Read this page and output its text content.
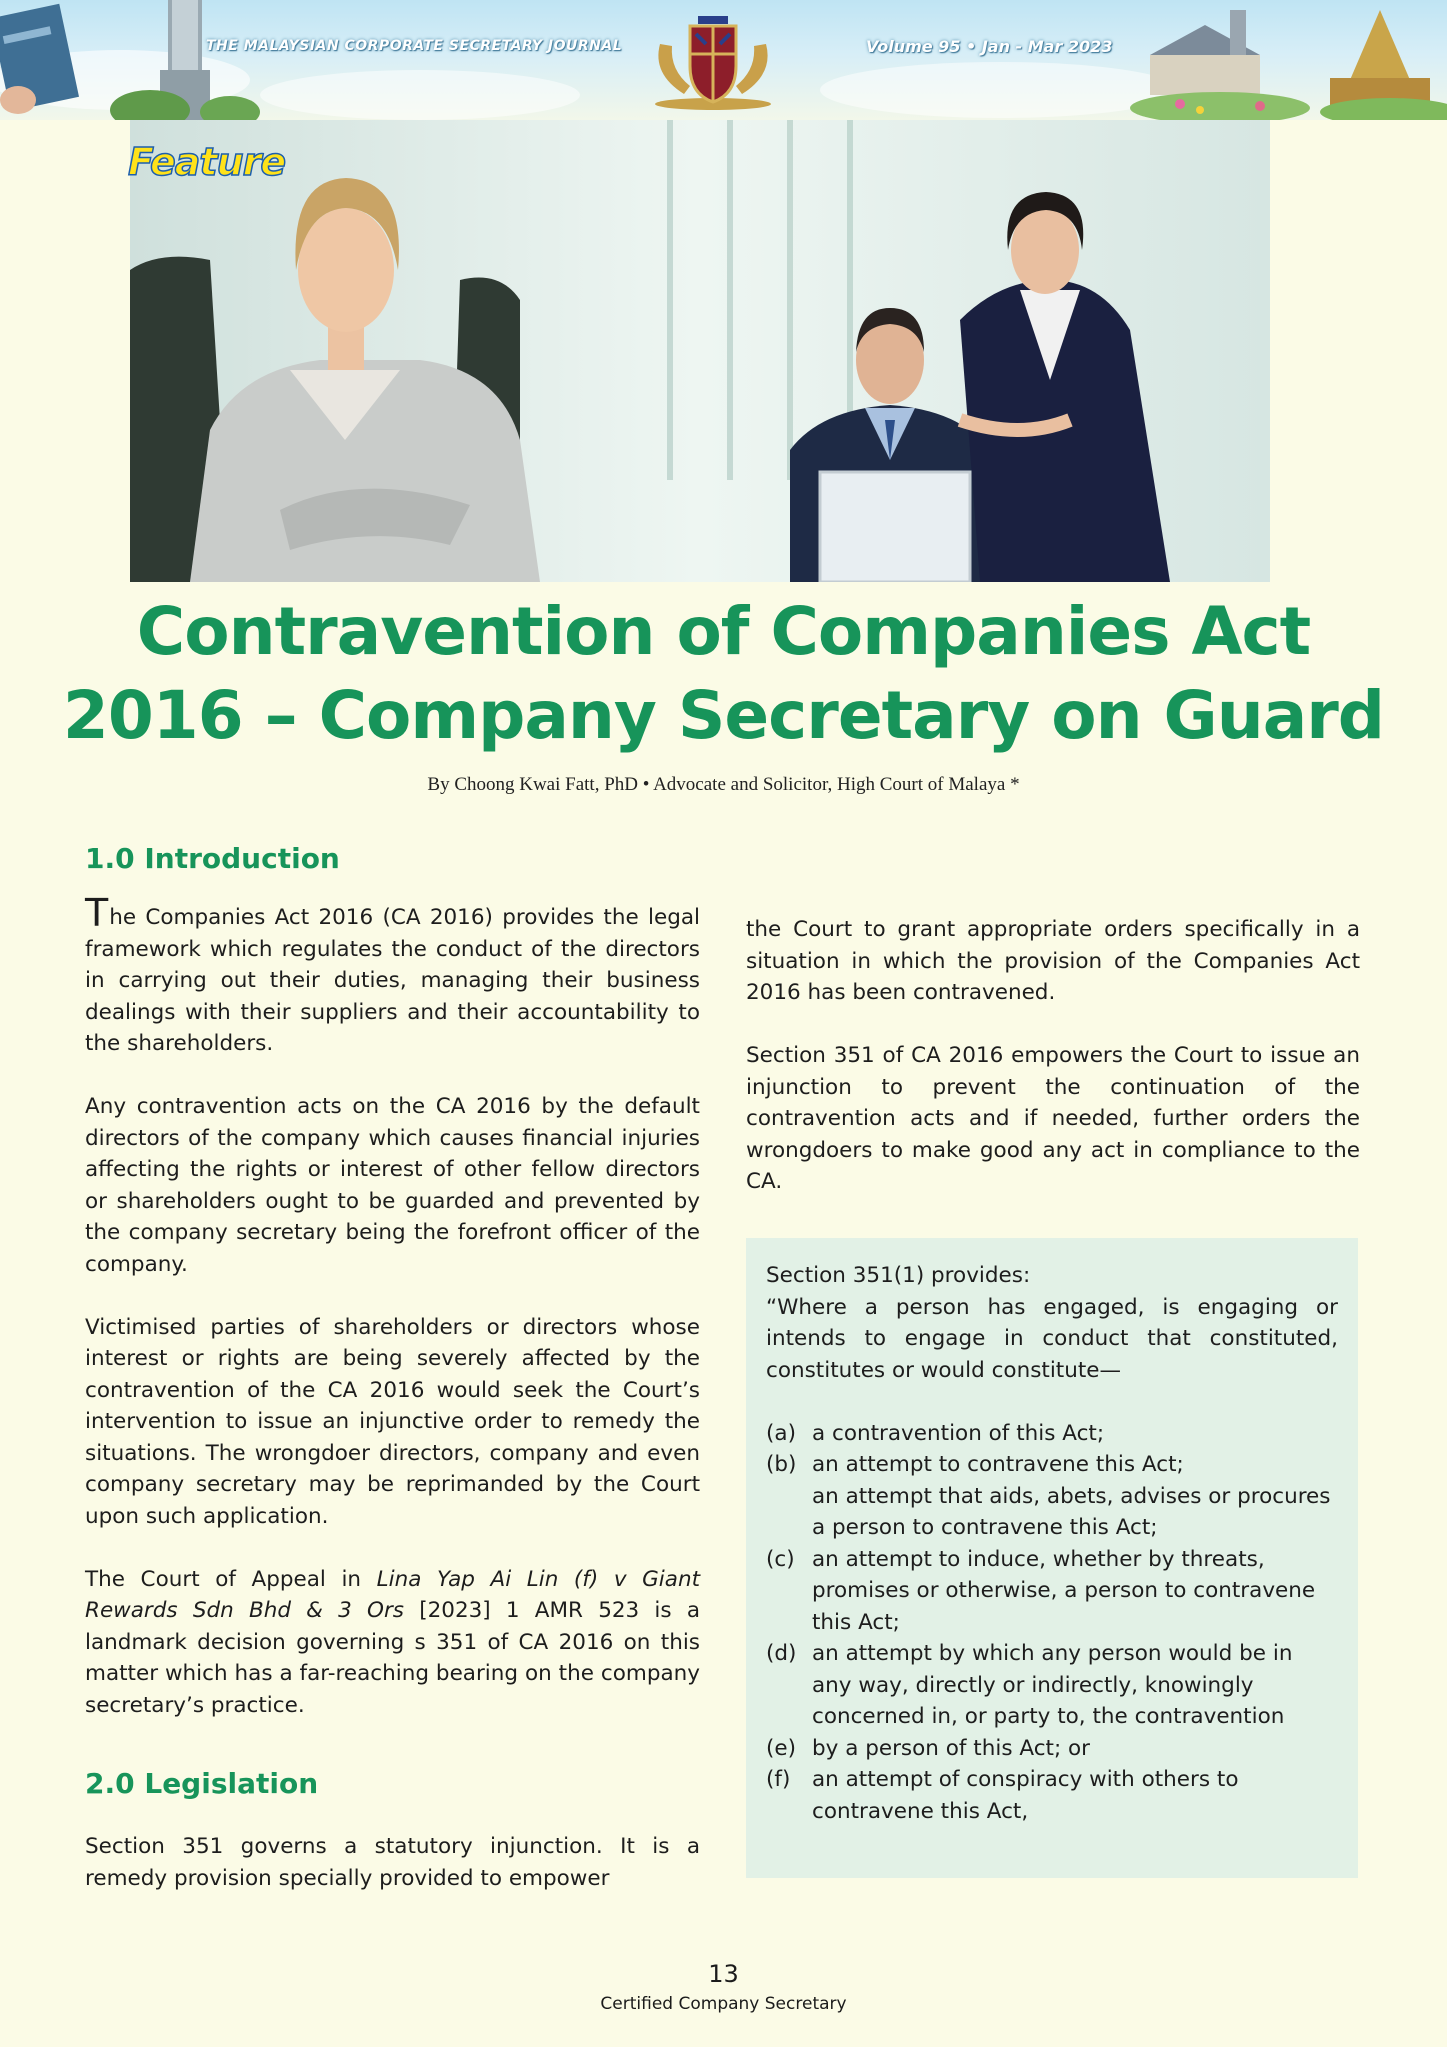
THE MALAYSIAN CORPORATE SECRETARY JOURNAL	Volume 95 • Jan - Mar 2023
Feature
Contravention of Companies Act
2016 – Company Secretary on Guard
By Choong Kwai Fatt, PhD • Advocate and Solicitor, High Court of Malaya *
1.0 Introduction

The Companies Act 2016 (CA 2016) provides the legal framework which regulates the conduct of the directors in carrying out their duties, managing their business dealings with their suppliers and their accountability to the shareholders.

Any contravention acts on the CA 2016 by the default directors of the company which causes financial injuries affecting the rights or interest of other fellow directors or shareholders ought to be guarded and prevented by the company secretary being the forefront officer of the company.

Victimised parties of shareholders or directors whose interest or rights are being severely affected by the contravention of the CA 2016 would seek the Court’s intervention to issue an injunctive order to remedy the situations. The wrongdoer directors, company and even company secretary may be reprimanded by the Court upon such application.

The Court of Appeal in Lina Yap Ai Lin (f) v Giant Rewards Sdn Bhd & 3 Ors [2023] 1 AMR 523 is a landmark decision governing s 351 of CA 2016 on this matter which has a far-reaching bearing on the company secretary’s practice.

2.0 Legislation

Section 351 governs a statutory injunction. It is a remedy provision specially provided to empower

the Court to grant appropriate orders specifically in a situation in which the provision of the Companies Act 2016 has been contravened.

Section 351 of CA 2016 empowers the Court to issue an injunction to prevent the continuation of the contravention acts and if needed, further orders the wrongdoers to make good any act in compliance to the CA.

Section 351(1) provides:

“Where a person has engaged, is engaging or intends to engage in conduct that constituted, constitutes or would constitute—

(a) a contravention of this Act;
(b) an attempt to contravene this Act;
an attempt that aids, abets, advises or procures a person to contravene this Act;
(c) an attempt to induce, whether by threats, promises or otherwise, a person to contravene this Act;
(d) an attempt by which any person would be in any way, directly or indirectly, knowingly concerned in, or party to, the contravention
(e) by a person of this Act; or
(f)	an attempt of conspiracy with others to contravene this Act,
13
Certified Company Secretary
